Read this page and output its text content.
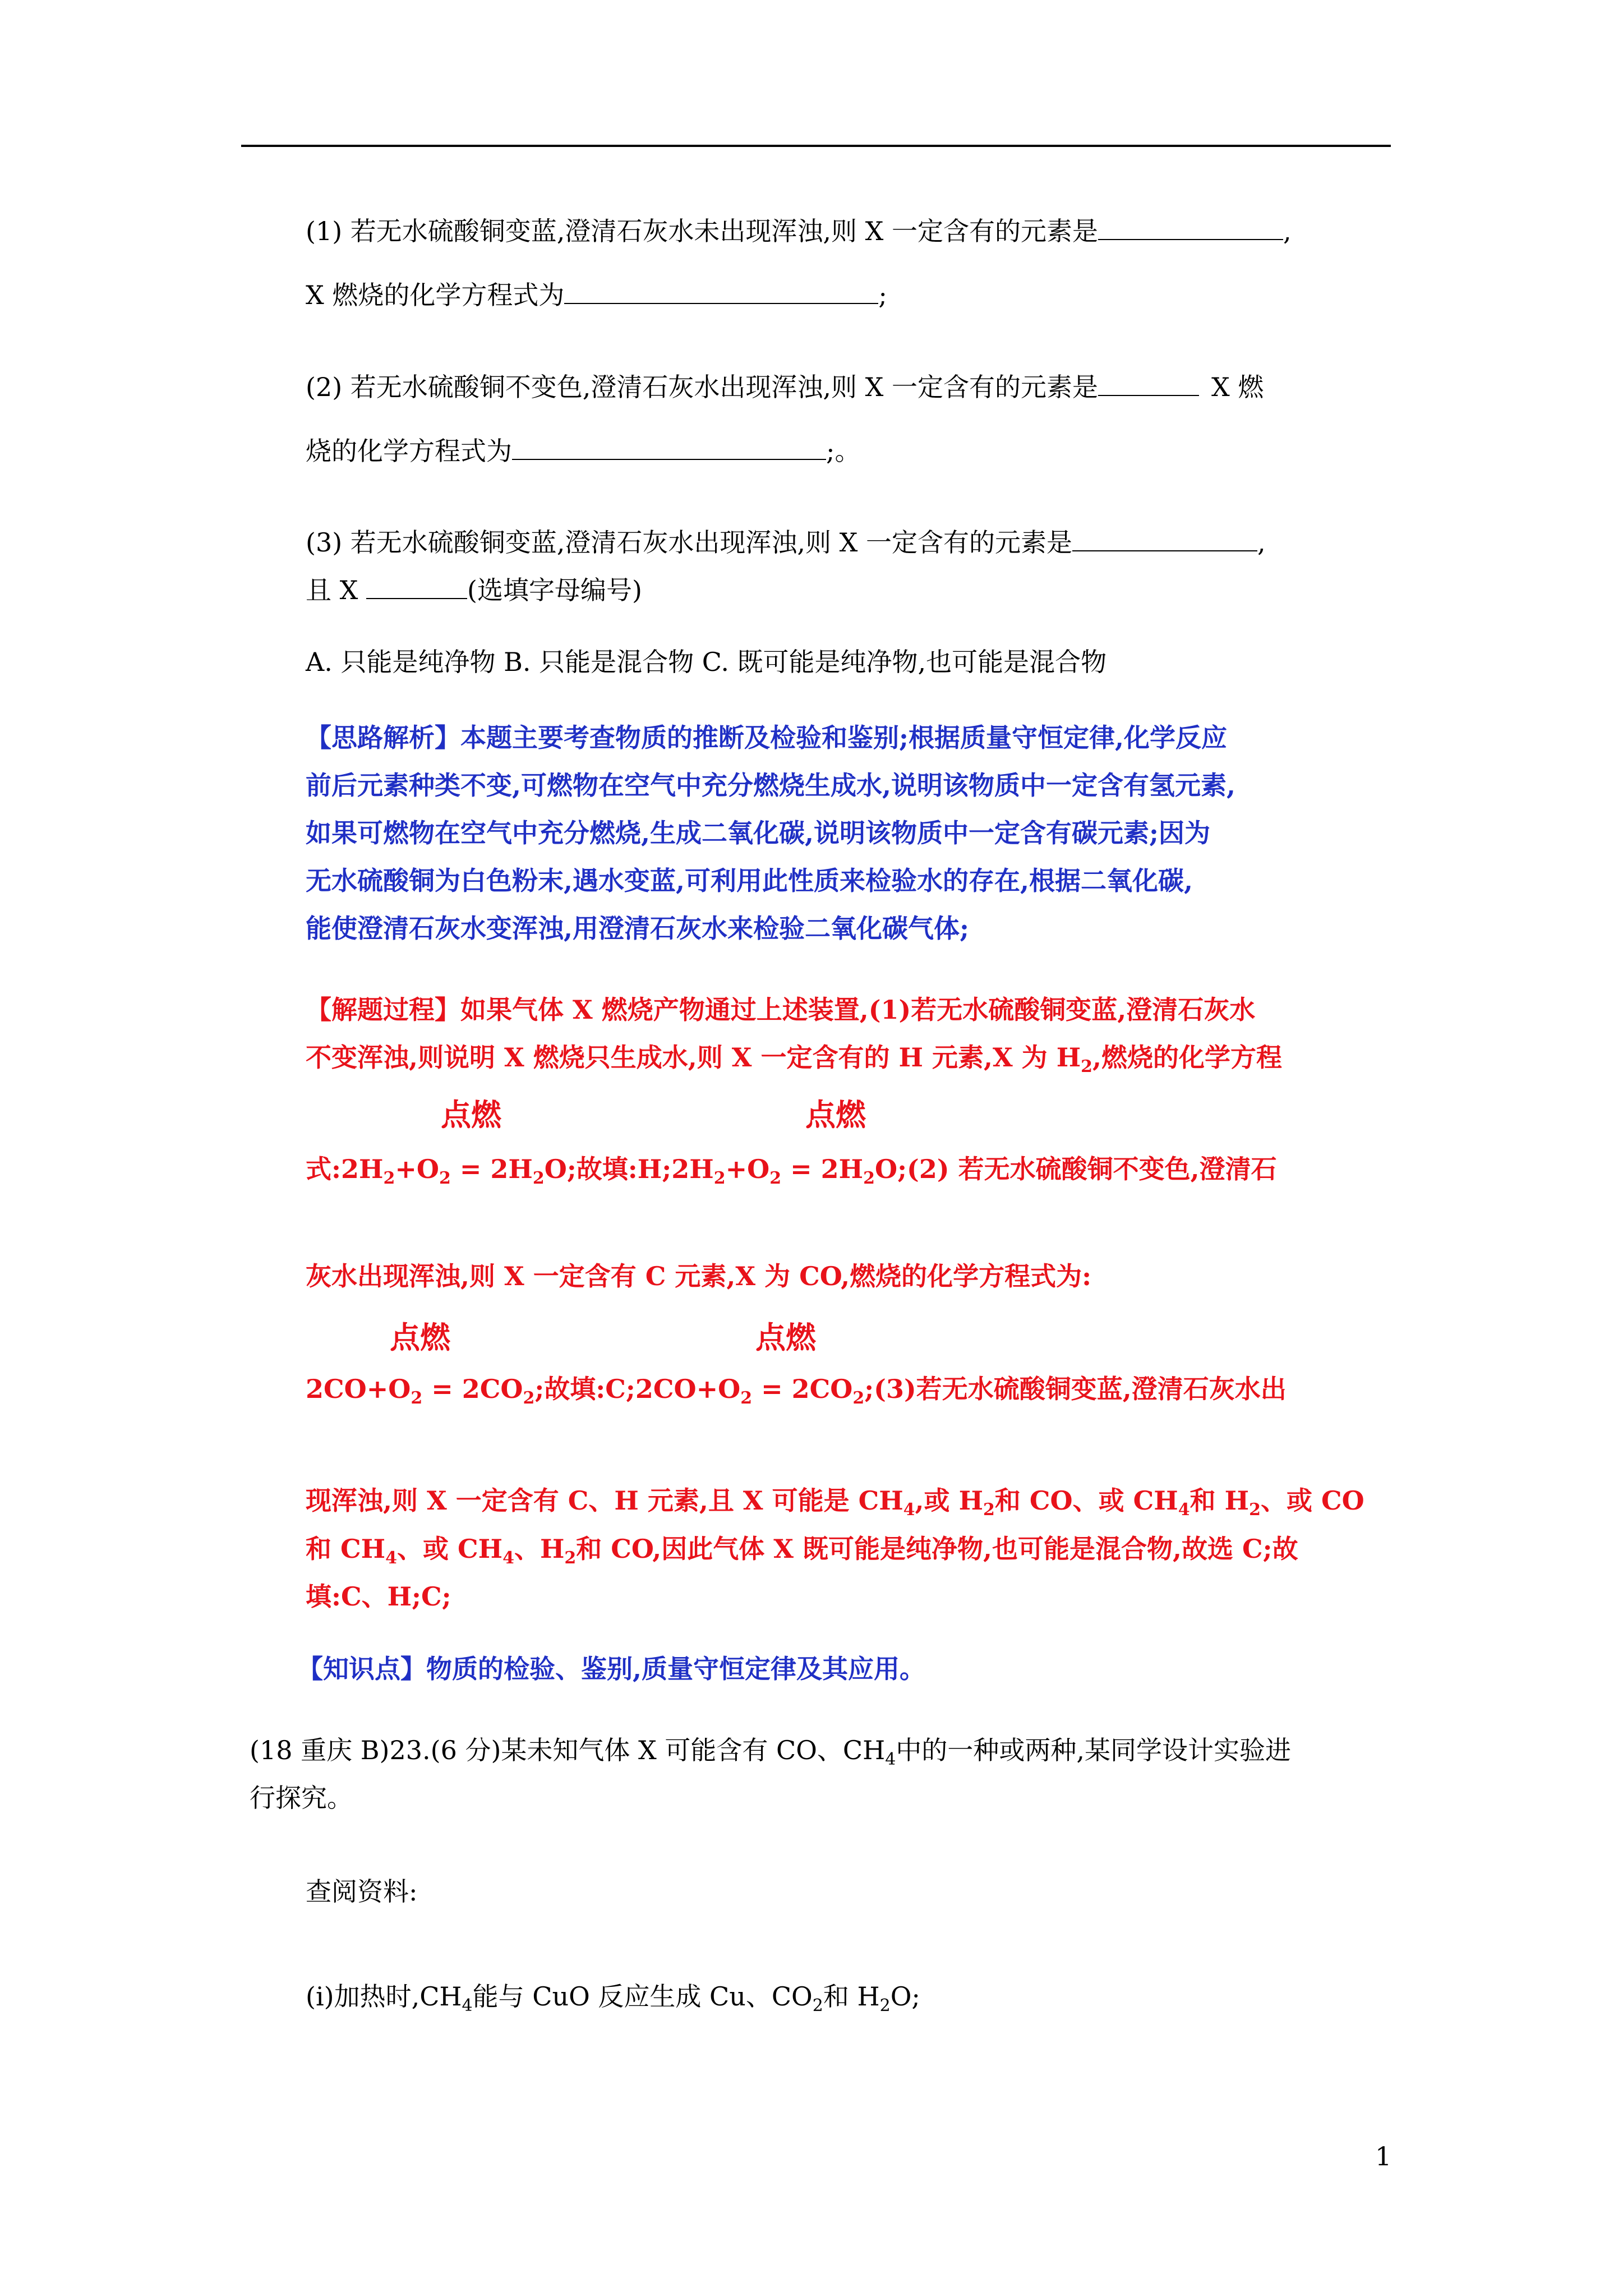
(1) 若无水硫酸铜变蓝,澄清石灰水未出现浑浊,则 X 一定含有的元素是	,
X 燃烧的化学方程式为	;
(2) 若无水硫酸铜不变色,澄清石灰水出现浑浊,则 X 一定含有的元素是	X 燃
烧的化学方程式为	;。
(3) 若无水硫酸铜变蓝,澄清石灰水出现浑浊,则 X 一定含有的元素是	,
且 X	(选填字母编号)
A. 只能是纯净物 B. 只能是混合物 C. 既可能是纯净物,也可能是混合物
【思路解析】本题主要考查物质的推断及检验和鉴别;根据质量守恒定律,化学反应
前后元素种类不变,可燃物在空气中充分燃烧生成水,说明该物质中一定含有氢元素,
如果可燃物在空气中充分燃烧,生成二氧化碳,说明该物质中一定含有碳元素;因为
无水硫酸铜为白色粉末,遇水变蓝,可利用此性质来检验水的存在,根据二氧化碳,
能使澄清石灰水变浑浊,用澄清石灰水来检验二氧化碳气体;
【解题过程】如果气体 X 燃烧产物通过上述装置,(1)若无水硫酸铜变蓝,澄清石灰水
不变浑浊,则说明 X 燃烧只生成水,则 X 一定含有的 H 元素,X 为 $H_2$,燃烧的化学方程
点燃	点燃
式$:2H_2+O_2 = 2H_2O$;故填$:H;2H_2+O_2$ = $2H_2O;(2)$ 若无水硫酸铜不变色,澄清石
灰水出现浑浊,则 X 一定含有 C 元素,X 为 CO,燃烧的化学方程式为:
点燃	点燃
$2CO+O_2 = 2CO_2$;故填$:C;2CO+O_2$ = $2CO_2;(3)$若无水硫酸铜变蓝,澄清石灰水出
现浑浊,则 X 一定含有 C、H 元素,且 X 可能是 $CH_4$,或 $H_2$和 CO、或 $CH_4$和 $H_2$、或 CO
和 $CH_4$、或 $CH_4$、$H_2$和 CO,因此气体 X 既可能是纯净物,也可能是混合物,故选 C;故
填:C、H;C;
【知识点】物质的检验、鉴别,质量守恒定律及其应用。
(18 重庆 B)23.(6 分)某未知气体 X 可能含有 CO、$CH_4$中的一种或两种,某同学设计实验进
行探究。
查阅资料:
(ⅰ)加热时$,CH_4$能与 CuO 反应生成 Cu、$CO_2$和 $H_2O$;
1
